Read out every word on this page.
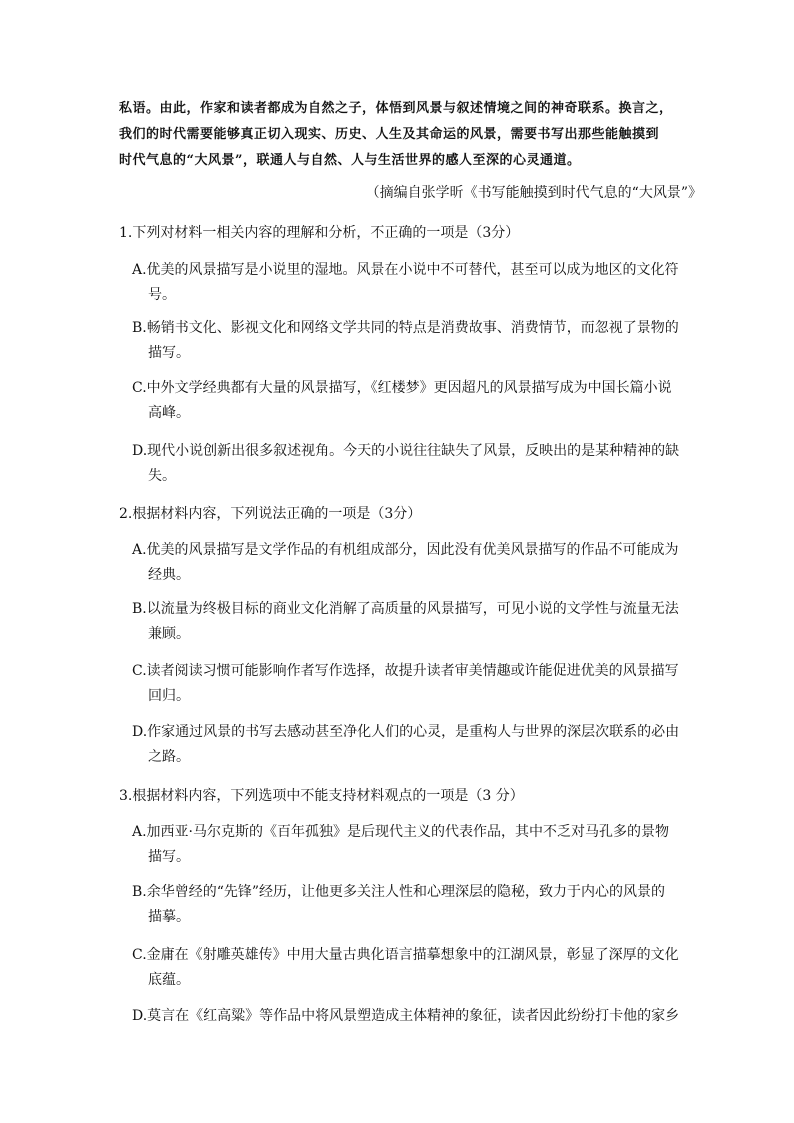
私语。由此，作家和读者都成为自然之子，体悟到风景与叙述情境之间的神奇联系。换言之，

我们的时代需要能够真正切入现实、历史、人生及其命运的风景，需要书写出那些能触摸到

时代气息的“大风景”，联通人与自然、人与生活世界的感人至深的心灵通道。

（摘编自张学昕《书写能触摸到时代气息的“大风景”》
1.下列对材料一相关内容的理解和分析，不正确的一项是（3分）
A.优美的风景描写是小说里的湿地。风景在小说中不可替代，甚至可以成为地区的文化符
号。
B.畅销书文化、影视文化和网络文学共同的特点是消费故事、消费情节，而忽视了景物的
描写。
C.中外文学经典都有大量的风景描写，《红楼梦》更因超凡的风景描写成为中国长篇小说
高峰。
D.现代小说创新出很多叙述视角。今天的小说往往缺失了风景，反映出的是某种精神的缺
失。
2.根据材料内容，下列说法正确的一项是（3分）
A.优美的风景描写是文学作品的有机组成部分，因此没有优美风景描写的作品不可能成为
经典。
B.以流量为终极目标的商业文化消解了高质量的风景描写，可见小说的文学性与流量无法
兼顾。
C.读者阅读习惯可能影响作者写作选择，故提升读者审美情趣或许能促进优美的风景描写
回归。
D.作家通过风景的书写去感动甚至净化人们的心灵，是重构人与世界的深层次联系的必由
之路。
3.根据材料内容，下列选项中不能支持材料观点的一项是（3 分）
A.加西亚·马尔克斯的《百年孤独》是后现代主义的代表作品，其中不乏对马孔多的景物
描写。
B.余华曾经的“先锋”经历，让他更多关注人性和心理深层的隐秘，致力于内心的风景的
描摹。
C.金庸在《射雕英雄传》中用大量古典化语言描摹想象中的江湖风景，彰显了深厚的文化
底蕴。
D.莫言在《红高粱》等作品中将风景塑造成主体精神的象征，读者因此纷纷打卡他的家乡
